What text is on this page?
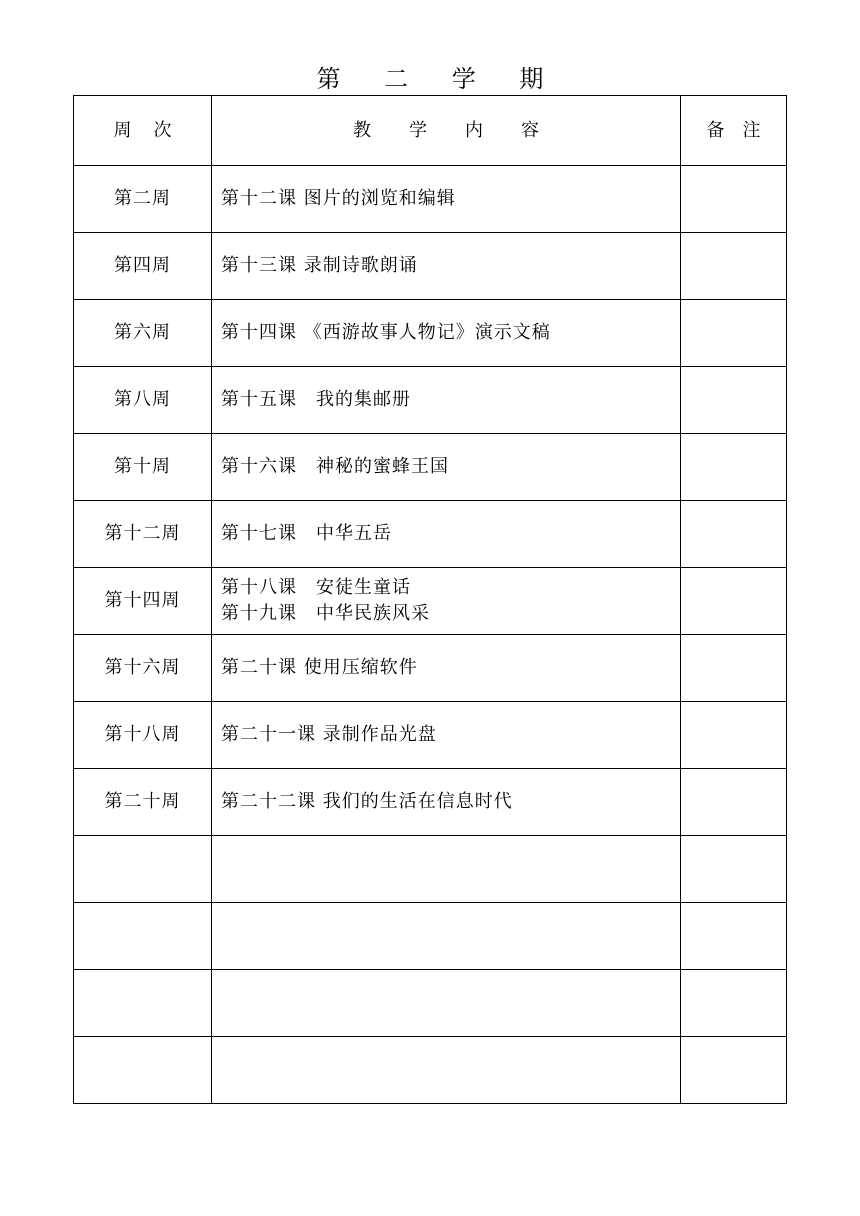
第 二 学 期
周次	教学内容	备注
第二周	第十二课 图片的浏览和编辑	

第四周	第十三课 录制诗歌朗诵	

第六周	第十四课 《西游故事人物记》演示文稿	

第八周	第十五课　我的集邮册	

第十周	第十六课　神秘的蜜蜂王国	

第十二周	第十七课　中华五岳	

第十四周	第十八课　安徒生童话
第十九课　中华民族风采	

第十六周	第二十课 使用压缩软件	

第十八周	第二十一课 录制作品光盘	

第二十周	第二十二课 我们的生活在信息时代	
